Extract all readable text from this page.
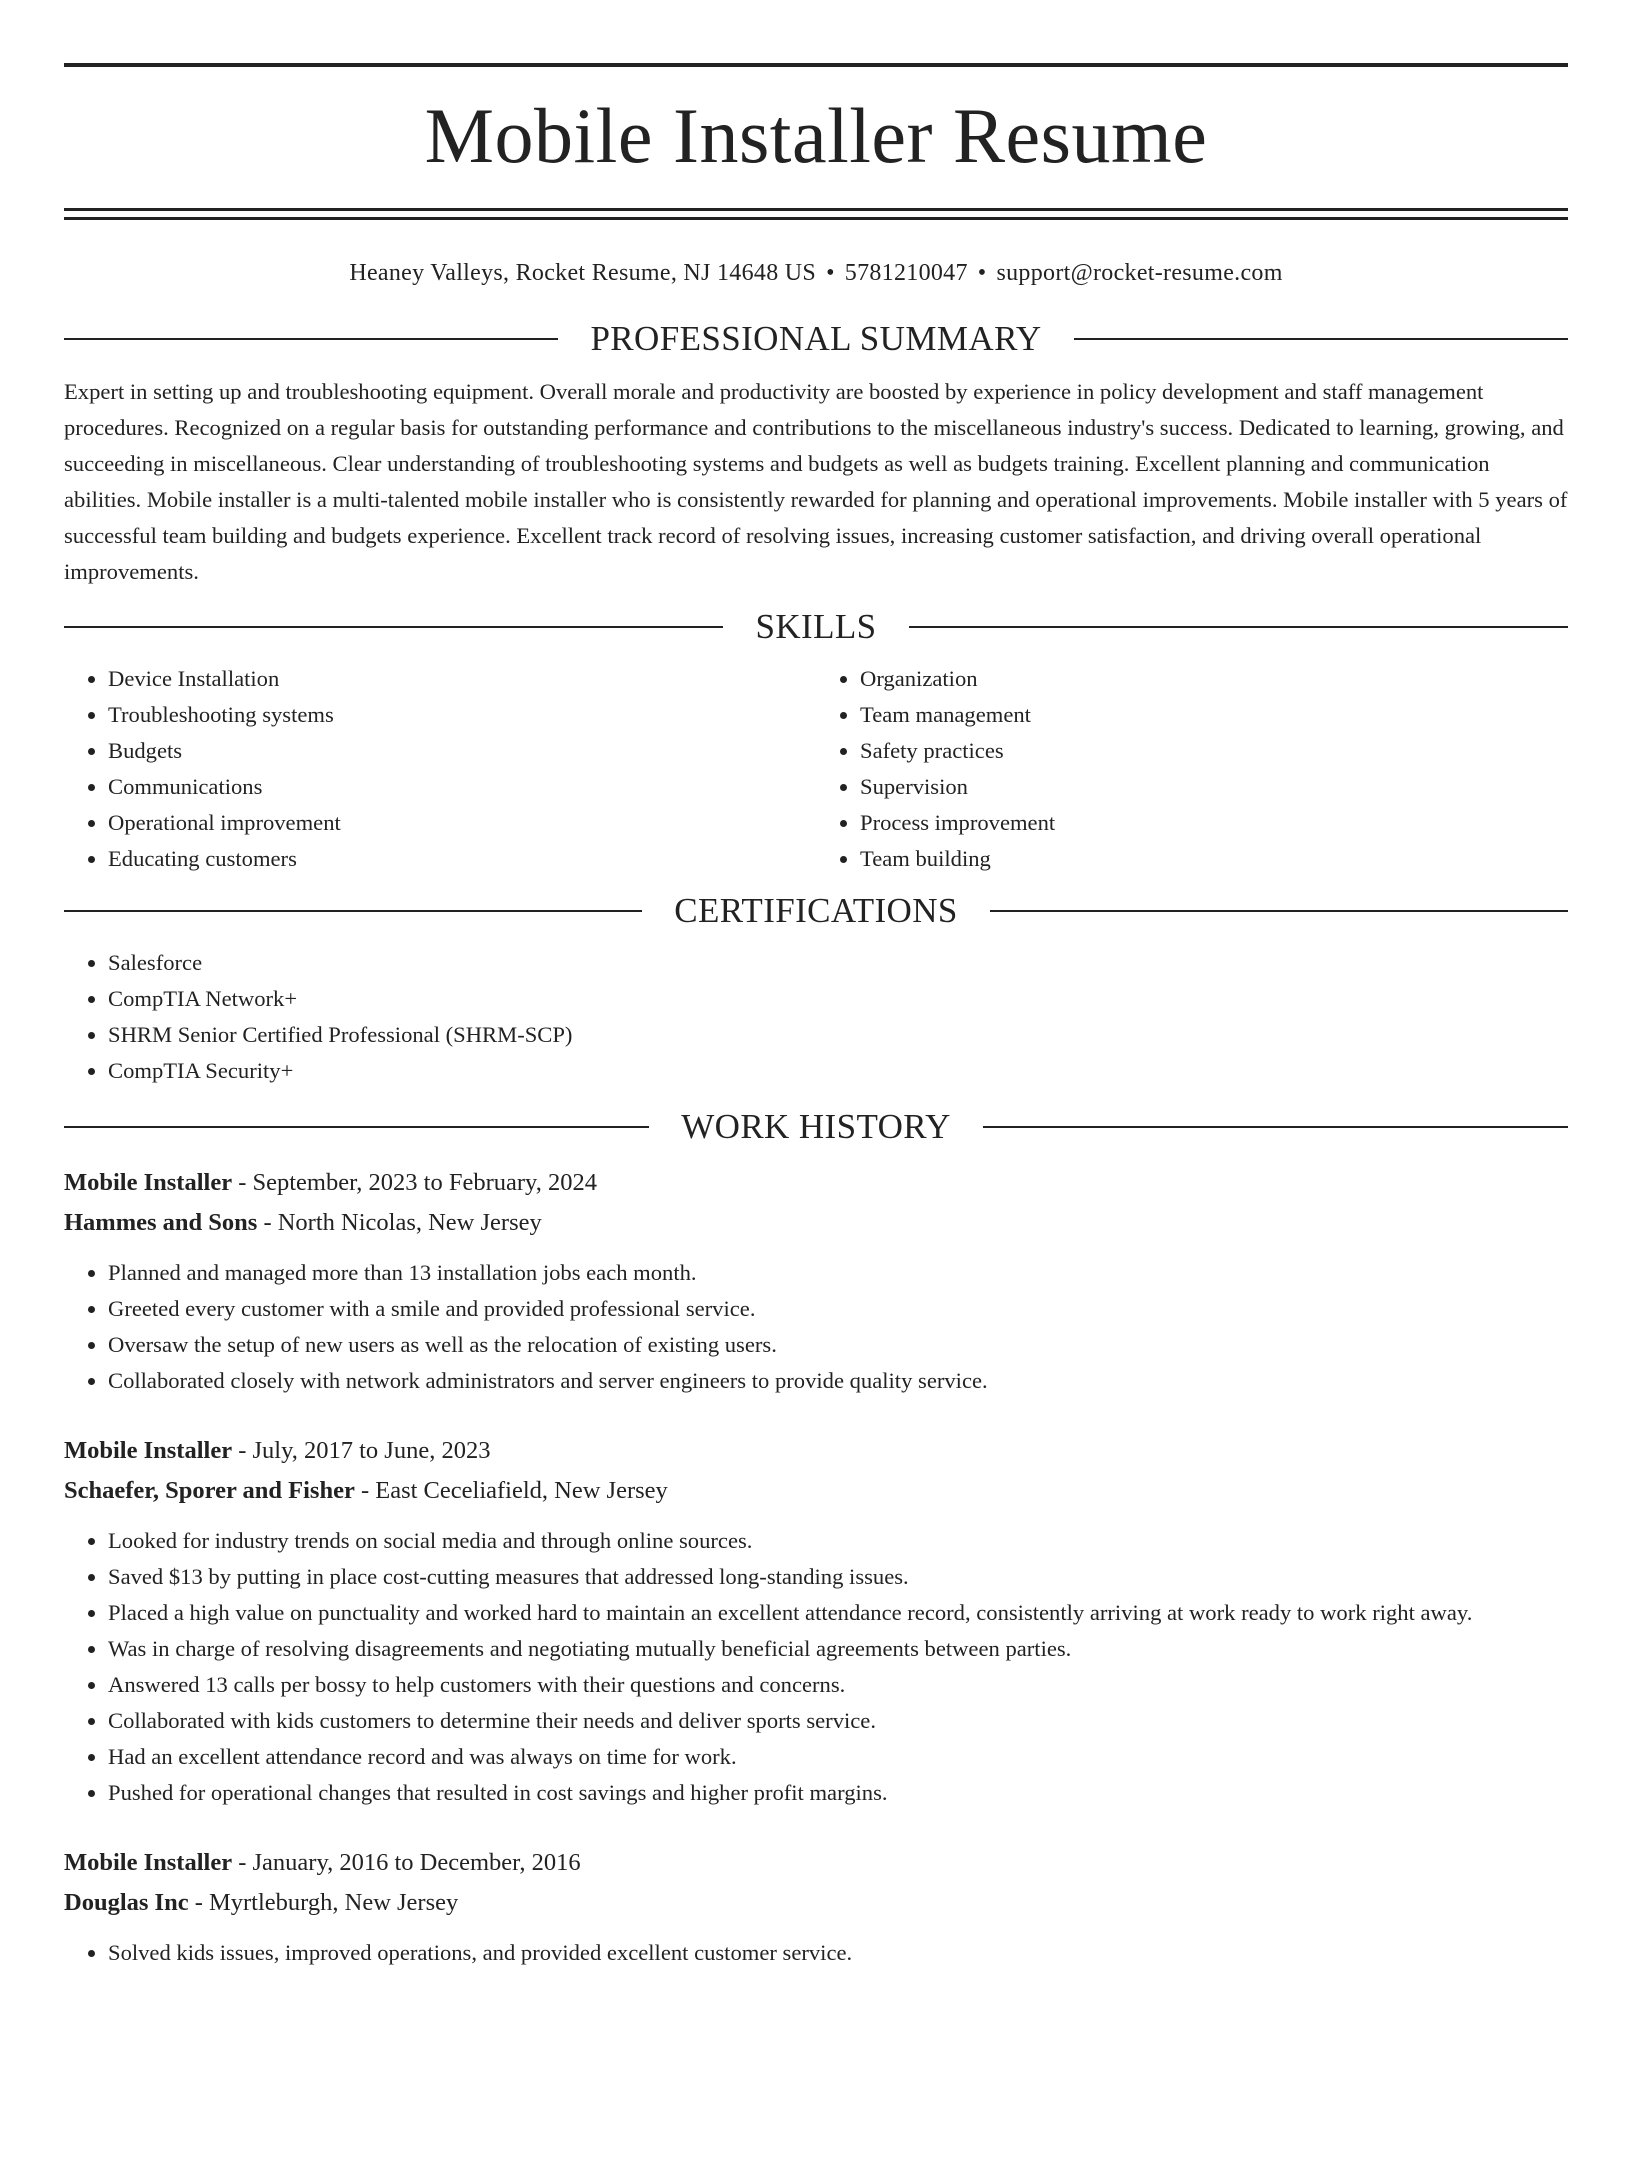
Mobile Installer Resume
Heaney Valleys, Rocket Resume, NJ 14648 US • 5781210047 • support@rocket-resume.com
PROFESSIONAL SUMMARY

Expert in setting up and troubleshooting equipment. Overall morale and productivity are boosted by experience in policy development and staff management procedures. Recognized on a regular basis for outstanding performance and contributions to the miscellaneous industry's success. Dedicated to learning, growing, and succeeding in miscellaneous. Clear understanding of troubleshooting systems and budgets as well as budgets training. Excellent planning and communication abilities. Mobile installer is a multi-talented mobile installer who is consistently rewarded for planning and operational improvements. Mobile installer with 5 years of successful team building and budgets experience. Excellent track record of resolving issues, increasing customer satisfaction, and driving overall operational improvements.

SKILLS
• Device Installation
• Troubleshooting systems
• Budgets
• Communications
• Operational improvement
• Educating customers
• Organization
• Team management
• Safety practices
• Supervision
• Process improvement
• Team building
CERTIFICATIONS
• Salesforce
• CompTIA Network+
• SHRM Senior Certified Professional (SHRM-SCP)
• CompTIA Security+
WORK HISTORY

Mobile Installer - September, 2023 to February, 2024

Hammes and Sons - North Nicolas, New Jersey

• Planned and managed more than 13 installation jobs each month.
• Greeted every customer with a smile and provided professional service.
• Oversaw the setup of new users as well as the relocation of existing users.
• Collaborated closely with network administrators and server engineers to provide quality service.

Mobile Installer - July, 2017 to June, 2023

Schaefer, Sporer and Fisher - East Ceceliafield, New Jersey

• Looked for industry trends on social media and through online sources.
• Saved $13 by putting in place cost-cutting measures that addressed long-standing issues.
• Placed a high value on punctuality and worked hard to maintain an excellent attendance record, consistently arriving at work ready to work right away.
• Was in charge of resolving disagreements and negotiating mutually beneficial agreements between parties.
• Answered 13 calls per bossy to help customers with their questions and concerns.
• Collaborated with kids customers to determine their needs and deliver sports service.
• Had an excellent attendance record and was always on time for work.
• Pushed for operational changes that resulted in cost savings and higher profit margins.

Mobile Installer - January, 2016 to December, 2016

Douglas Inc - Myrtleburgh, New Jersey

• Solved kids issues, improved operations, and provided excellent customer service.
